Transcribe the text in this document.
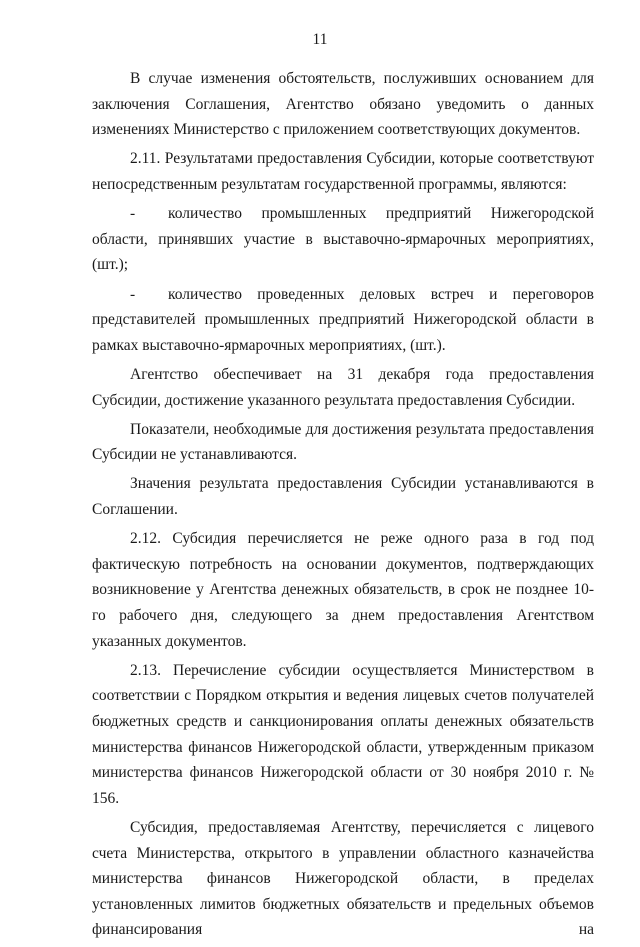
11

В случае изменения обстоятельств, послуживших основанием для заключения Соглашения, Агентство обязано уведомить о данных изменениях Министерство с приложением соответствующих документов.

2.11. Результатами предоставления Субсидии, которые соответствуют непосредственным результатам государственной программы, являются:

- количество промышленных предприятий Нижегородской области, принявших участие в выставочно-ярмарочных мероприятиях, (шт.);

- количество проведенных деловых встреч и переговоров представителей промышленных предприятий Нижегородской области в рамках выставочно-ярмарочных мероприятиях, (шт.).

Агентство обеспечивает на 31 декабря года предоставления Субсидии, достижение указанного результата предоставления Субсидии.

Показатели, необходимые для достижения результата предоставления Субсидии не устанавливаются.

Значения результата предоставления Субсидии устанавливаются в Соглашении.

2.12. Субсидия перечисляется не реже одного раза в год под фактическую потребность на основании документов, подтверждающих возникновение у Агентства денежных обязательств, в срок не позднее 10-го рабочего дня, следующего за днем предоставления Агентством указанных документов.

2.13. Перечисление субсидии осуществляется Министерством в соответствии с Порядком открытия и ведения лицевых счетов получателей бюджетных средств и санкционирования оплаты денежных обязательств министерства финансов Нижегородской области, утвержденным приказом министерства финансов Нижегородской области от 30 ноября 2010 г. № 156.

Субсидия, предоставляемая Агентству, перечисляется с лицевого счета Министерства, открытого в управлении областного казначейства министерства финансов Нижегородской области, в пределах установленных лимитов бюджетных обязательств и предельных объемов финансирования на
